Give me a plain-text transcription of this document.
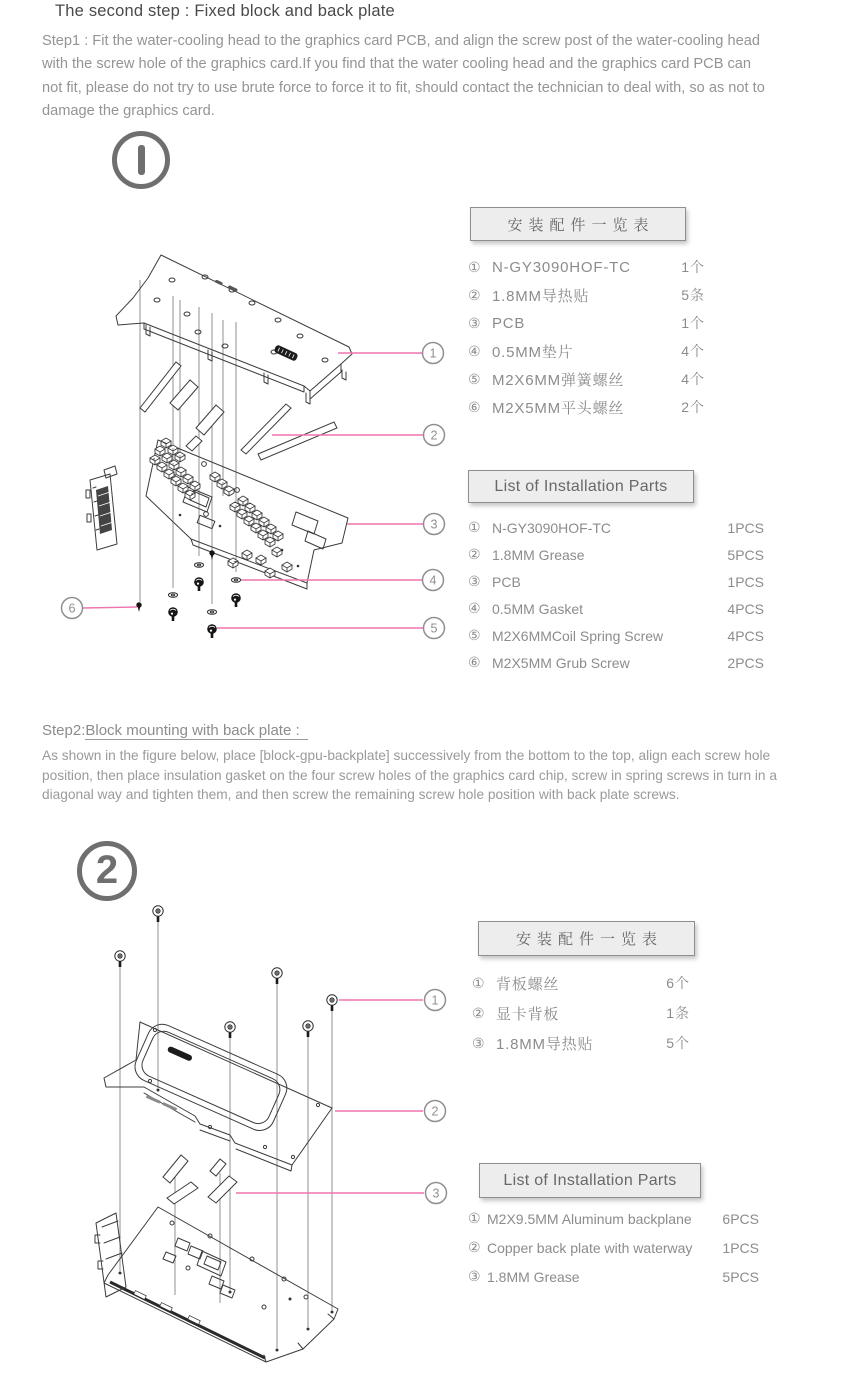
The second step : Fixed block and back plate
Step1 : Fit the water-cooling head to the graphics card PCB, and align the screw post of the water-cooling head with the screw hole of the graphics card.If you find that the water cooling head and the graphics card PCB can not fit, please do not try to use brute force to force it to fit, should contact the technician to deal with, so as not to damage the graphics card.
1
2
3
4
5
6
安装配件一览表
① N-GY3090HOF-TC	1个
② 1.8MM导热贴	5条
③ PCB	1个
④ 0.5MM垫片	4个
⑤ M2X6MM弹簧螺丝	4个
⑥ M2X5MM平头螺丝	2个
List of Installation Parts
① N-GY3090HOF-TC	1PCS
② 1.8MM Grease	5PCS
③ PCB	1PCS
④ 0.5MM Gasket	4PCS
⑤ M2X6MMCoil Spring Screw	4PCS
⑥ M2X5MM Grub Screw	2PCS
Step2:Block mounting with back plate :
As shown in the figure below, place [block-gpu-backplate] successively from the bottom to the top, align each screw hole position, then place insulation gasket on the four screw holes of the graphics card chip, screw in spring screws in turn in a diagonal way and tighten them, and then screw the remaining screw hole position with back plate screws.
2
1
2
3
安装配件一览表
① 背板螺丝	6个
② 显卡背板	1条
③ 1.8MM导热贴	5个
List of Installation Parts
① M2X9.5MM Aluminum backplane	6PCS
② Copper back plate with waterway	1PCS
③ 1.8MM Grease	5PCS
